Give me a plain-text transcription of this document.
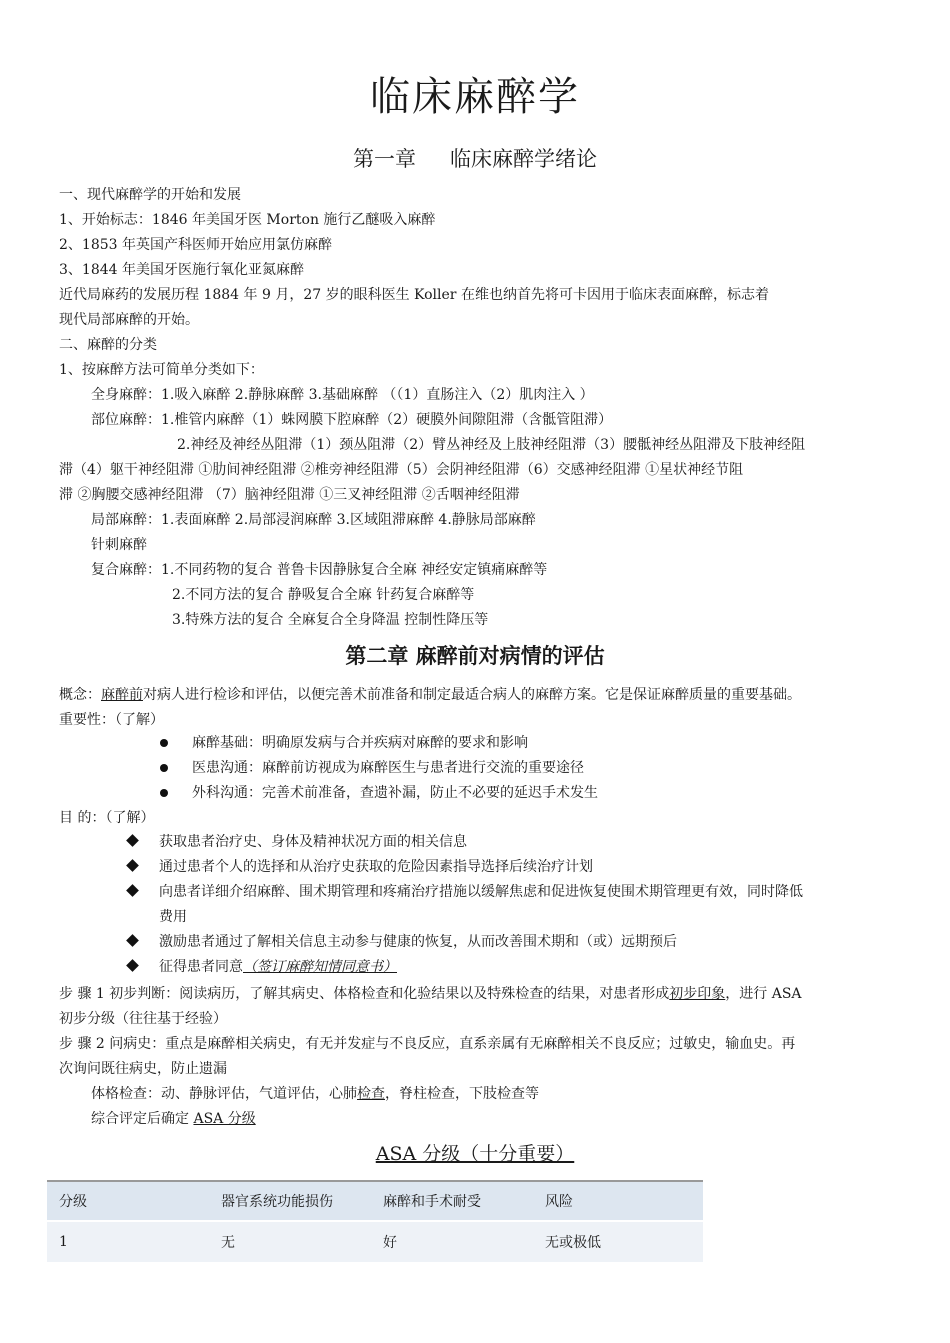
临床麻醉学
第一章 临床麻醉学绪论
一、现代麻醉学的开始和发展
1、开始标志：1846 年美国牙医 Morton 施行乙醚吸入麻醉
2、1853 年英国产科医师开始应用氯仿麻醉
3、1844 年美国牙医施行氧化亚氮麻醉
近代局麻药的发展历程 1884 年 9 月，27 岁的眼科医生 Koller 在维也纳首先将可卡因用于临床表面麻醉，标志着
现代局部麻醉的开始。
二、麻醉的分类
1、按麻醉方法可简单分类如下：
全身麻醉：1.吸入麻醉 2.静脉麻醉 3.基础麻醉 （（1）直肠注入（2）肌肉注入 ）
部位麻醉：1.椎管内麻醉（1）蛛网膜下腔麻醉（2）硬膜外间隙阻滞（含骶管阻滞）
2.神经及神经丛阻滞（1）颈丛阻滞（2）臂丛神经及上肢神经阻滞（3）腰骶神经丛阻滞及下肢神经阻
滞（4）躯干神经阻滞 ①肋间神经阻滞 ②椎旁神经阻滞（5）会阴神经阻滞（6）交感神经阻滞 ①星状神经节阻
滞 ②胸腰交感神经阻滞 （7）脑神经阻滞 ①三叉神经阻滞 ②舌咽神经阻滞
局部麻醉：1.表面麻醉 2.局部浸润麻醉 3.区域阻滞麻醉 4.静脉局部麻醉
针刺麻醉
复合麻醉：1.不同药物的复合 普鲁卡因静脉复合全麻 神经安定镇痛麻醉等
2.不同方法的复合 静吸复合全麻 针药复合麻醉等
3.特殊方法的复合 全麻复合全身降温 控制性降压等
第二章 麻醉前对病情的评估
概念：麻醉前对病人进行检诊和评估，以便完善术前准备和制定最适合病人的麻醉方案。它是保证麻醉质量的重要基础。
重要性：（了解）
麻醉基础：明确原发病与合并疾病对麻醉的要求和影响
医患沟通：麻醉前访视成为麻醉医生与患者进行交流的重要途径
外科沟通：完善术前准备，查遗补漏，防止不必要的延迟手术发生
目 的：（了解）
获取患者治疗史、身体及精神状况方面的相关信息
通过患者个人的选择和从治疗史获取的危险因素指导选择后续治疗计划
向患者详细介绍麻醉、围术期管理和疼痛治疗措施以缓解焦虑和促进恢复使围术期管理更有效，同时降低
费用
激励患者通过了解相关信息主动参与健康的恢复，从而改善围术期和（或）远期预后
征得患者同意（签订麻醉知情同意书）
步 骤 1 初步判断：阅读病历，了解其病史、体格检查和化验结果以及特殊检查的结果，对患者形成初步印象，进行 ASA
初步分级（往往基于经验）
步 骤 2 问病史：重点是麻醉相关病史，有无并发症与不良反应，直系亲属有无麻醉相关不良反应；过敏史，输血史。再
次询问既往病史，防止遗漏
体格检查：动、静脉评估，气道评估，心肺检查，脊柱检查，下肢检查等
综合评定后确定 ASA 分级
ASA 分级（十分重要）
分级	器官系统功能损伤	麻醉和手术耐受	风险
1	无	好	无或极低
